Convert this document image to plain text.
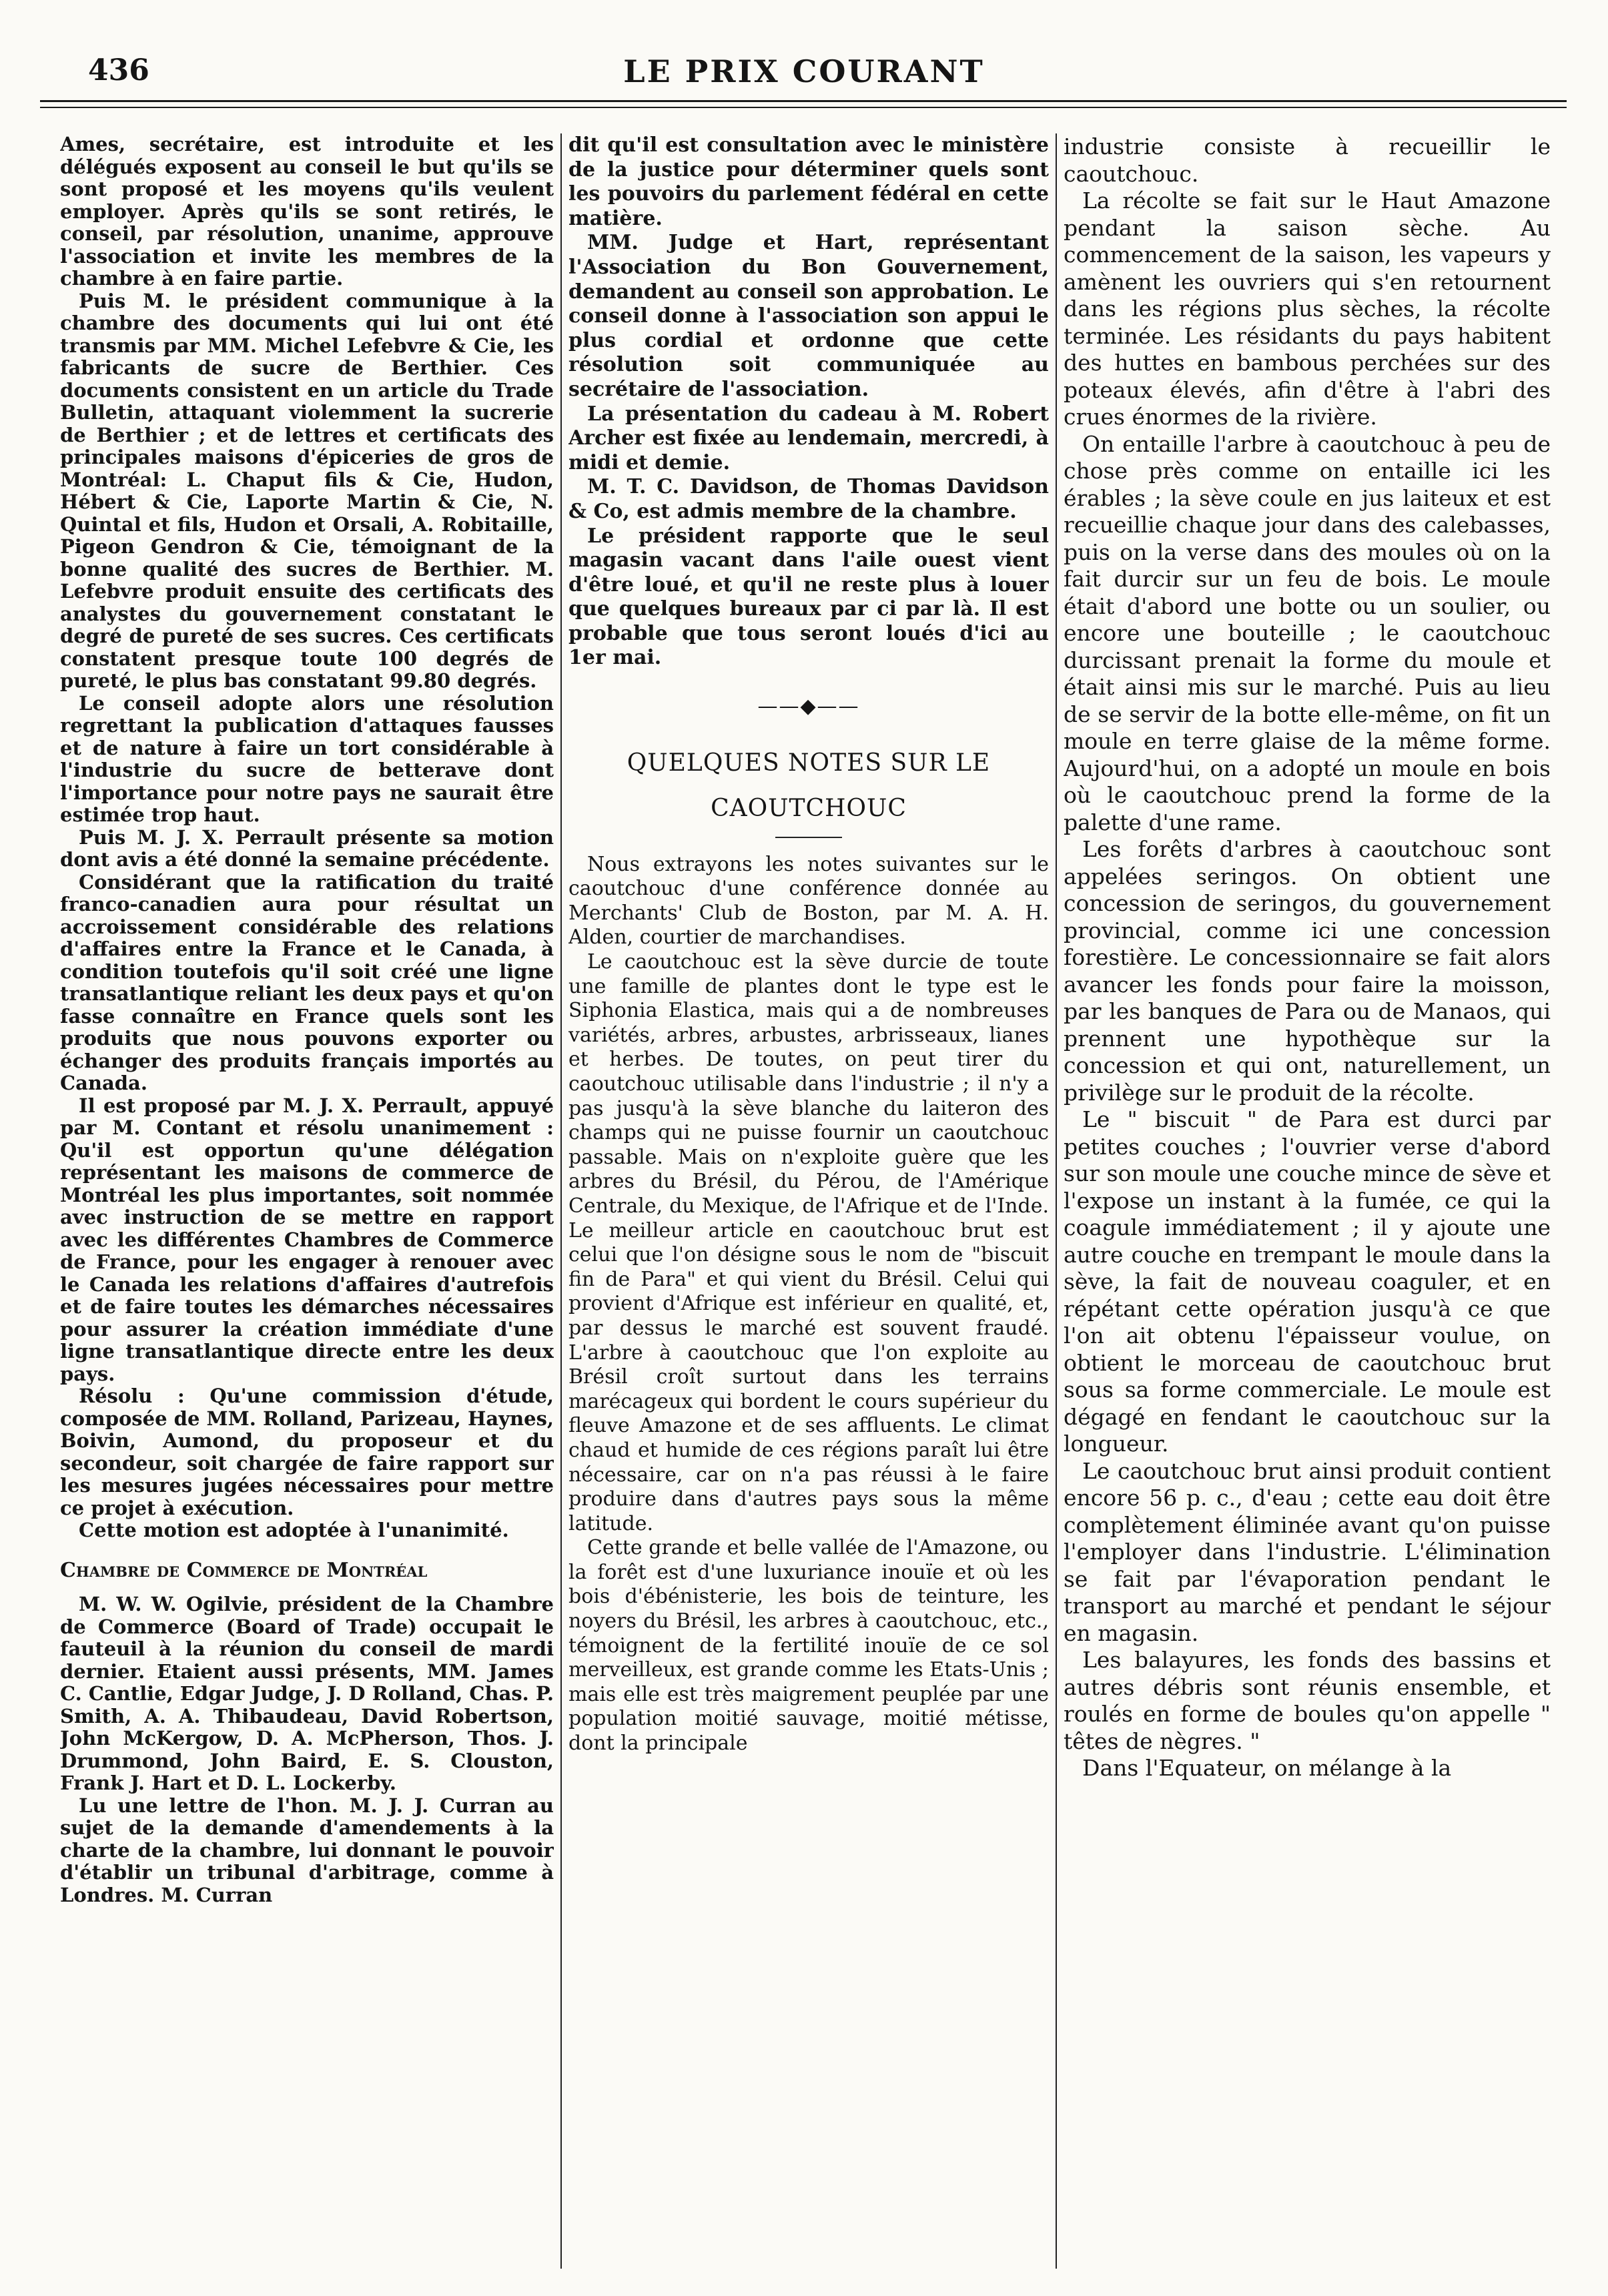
436	LE PRIX COURANT

Ames, secrétaire, est introduite et les délégués exposent au conseil le but qu'ils se sont proposé et les moyens qu'ils veulent employer. Après qu'ils se sont retirés, le conseil, par résolution, unanime, approuve l'association et invite les membres de la chambre à en faire partie.

Puis M. le président communique à la chambre des documents qui lui ont été transmis par MM. Michel Lefebvre & Cie, les fabricants de sucre de Berthier. Ces documents consistent en un article du Trade Bulletin, attaquant violemment la sucrerie de Berthier ; et de lettres et certificats des principales maisons d'épiceries de gros de Montréal: L. Chaput fils & Cie, Hudon, Hébert & Cie, Laporte Martin & Cie, N. Quintal et fils, Hudon et Orsali, A. Robitaille, Pigeon Gendron & Cie, témoignant de la bonne qualité des sucres de Berthier. M. Lefebvre produit ensuite des certificats des analystes du gouvernement constatant le degré de pureté de ses sucres. Ces certificats constatent presque toute 100 degrés de pureté, le plus bas constatant 99.80 degrés.

Le conseil adopte alors une résolution regrettant la publication d'attaques fausses et de nature à faire un tort considérable à l'industrie du sucre de betterave dont l'importance pour notre pays ne saurait être estimée trop haut.

Puis M. J. X. Perrault présente sa motion dont avis a été donné la semaine précédente.

Considérant que la ratification du traité franco-canadien aura pour résultat un accroissement considérable des relations d'affaires entre la France et le Canada, à condition toutefois qu'il soit créé une ligne transatlantique reliant les deux pays et qu'on fasse connaître en France quels sont les produits que nous pouvons exporter ou échanger des produits français importés au Canada.

Il est proposé par M. J. X. Perrault, appuyé par M. Contant et résolu unanimement : Qu'il est opportun qu'une délégation représentant les maisons de commerce de Montréal les plus importantes, soit nommée avec instruction de se mettre en rapport avec les différentes Chambres de Commerce de France, pour les engager à renouer avec le Canada les relations d'affaires d'autrefois et de faire toutes les démarches nécessaires pour assurer la création immédiate d'une ligne transatlantique directe entre les deux pays.

Résolu : Qu'une commission d'étude, composée de MM. Rolland, Parizeau, Haynes, Boivin, Aumond, du proposeur et du secondeur, soit chargée de faire rapport sur les mesures jugées nécessaires pour mettre ce projet à exécution.

Cette motion est adoptée à l'unanimité.

Chambre de Commerce de Montréal

M. W. W. Ogilvie, président de la Chambre de Commerce (Board of Trade) occupait le fauteuil à la réunion du conseil de mardi dernier. Etaient aussi présents, MM. James C. Cantlie, Edgar Judge, J. D Rolland, Chas. P. Smith, A. A. Thibaudeau, David Robertson, John McKergow, D. A. McPherson, Thos. J. Drummond, John Baird, E. S. Clouston, Frank J. Hart et D. L. Lockerby.

Lu une lettre de l'hon. M. J. J. Curran au sujet de la demande d'amendements à la charte de la chambre, lui donnant le pouvoir d'établir un tribunal d'arbitrage, comme à Londres. M. Curran

dit qu'il est consultation avec le ministère de la justice pour déterminer quels sont les pouvoirs du parlement fédéral en cette matière.

MM. Judge et Hart, représentant l'Association du Bon Gouvernement, demandent au conseil son approbation. Le conseil donne à l'association son appui le plus cordial et ordonne que cette résolution soit communiquée au secrétaire de l'association.

La présentation du cadeau à M. Robert Archer est fixée au lendemain, mercredi, à midi et demie.

M. T. C. Davidson, de Thomas Davidson & Co, est admis membre de la chambre.

Le président rapporte que le seul magasin vacant dans l'aile ouest vient d'être loué, et qu'il ne reste plus à louer que quelques bureaux par ci par là. Il est probable que tous seront loués d'ici au 1er mai.

——◆——
QUELQUES NOTES SUR LE
CAOUTCHOUC

Nous extrayons les notes suivantes sur le caoutchouc d'une conférence donnée au Merchants' Club de Boston, par M. A. H. Alden, courtier de marchandises.

Le caoutchouc est la sève durcie de toute une famille de plantes dont le type est le Siphonia Elastica, mais qui a de nombreuses variétés, arbres, arbustes, arbrisseaux, lianes et herbes. De toutes, on peut tirer du caoutchouc utilisable dans l'industrie ; il n'y a pas jusqu'à la sève blanche du laiteron des champs qui ne puisse fournir un caoutchouc passable. Mais on n'exploite guère que les arbres du Brésil, du Pérou, de l'Amérique Centrale, du Mexique, de l'Afrique et de l'Inde. Le meilleur article en caoutchouc brut est celui que l'on désigne sous le nom de "biscuit fin de Para" et qui vient du Brésil. Celui qui provient d'Afrique est inférieur en qualité, et, par dessus le marché est souvent fraudé. L'arbre à caoutchouc que l'on exploite au Brésil croît surtout dans les terrains marécageux qui bordent le cours supérieur du fleuve Amazone et de ses affluents. Le climat chaud et humide de ces régions paraît lui être nécessaire, car on n'a pas réussi à le faire produire dans d'autres pays sous la même latitude.

Cette grande et belle vallée de l'Amazone, ou la forêt est d'une luxuriance inouïe et où les bois d'ébénisterie, les bois de teinture, les noyers du Brésil, les arbres à caoutchouc, etc., témoignent de la fertilité inouïe de ce sol merveilleux, est grande comme les Etats-Unis ; mais elle est très maigrement peuplée par une population moitié sauvage, moitié métisse, dont la principale

industrie consiste à recueillir le caoutchouc.

La récolte se fait sur le Haut Amazone pendant la saison sèche. Au commencement de la saison, les vapeurs y amènent les ouvriers qui s'en retournent dans les régions plus sèches, la récolte terminée. Les résidants du pays habitent des huttes en bambous perchées sur des poteaux élevés, afin d'être à l'abri des crues énormes de la rivière.

On entaille l'arbre à caoutchouc à peu de chose près comme on entaille ici les érables ; la sève coule en jus laiteux et est recueillie chaque jour dans des calebasses, puis on la verse dans des moules où on la fait durcir sur un feu de bois. Le moule était d'abord une botte ou un soulier, ou encore une bouteille ; le caoutchouc durcissant prenait la forme du moule et était ainsi mis sur le marché. Puis au lieu de se servir de la botte elle-même, on fit un moule en terre glaise de la même forme. Aujourd'hui, on a adopté un moule en bois où le caoutchouc prend la forme de la palette d'une rame.

Les forêts d'arbres à caoutchouc sont appelées seringos. On obtient une concession de seringos, du gouvernement provincial, comme ici une concession forestière. Le concessionnaire se fait alors avancer les fonds pour faire la moisson, par les banques de Para ou de Manaos, qui prennent une hypothèque sur la concession et qui ont, naturellement, un privilège sur le produit de la récolte.

Le " biscuit " de Para est durci par petites couches ; l'ouvrier verse d'abord sur son moule une couche mince de sève et l'expose un instant à la fumée, ce qui la coagule immédiatement ; il y ajoute une autre couche en trempant le moule dans la sève, la fait de nouveau coaguler, et en répétant cette opération jusqu'à ce que l'on ait obtenu l'épaisseur voulue, on obtient le morceau de caoutchouc brut sous sa forme commerciale. Le moule est dégagé en fendant le caoutchouc sur la longueur.

Le caoutchouc brut ainsi produit contient encore 56 p. c., d'eau ; cette eau doit être complètement éliminée avant qu'on puisse l'employer dans l'industrie. L'élimination se fait par l'évaporation pendant le transport au marché et pendant le séjour en magasin.

Les balayures, les fonds des bassins et autres débris sont réunis ensemble, et roulés en forme de boules qu'on appelle " têtes de nègres. "

Dans l'Equateur, on mélange à la
